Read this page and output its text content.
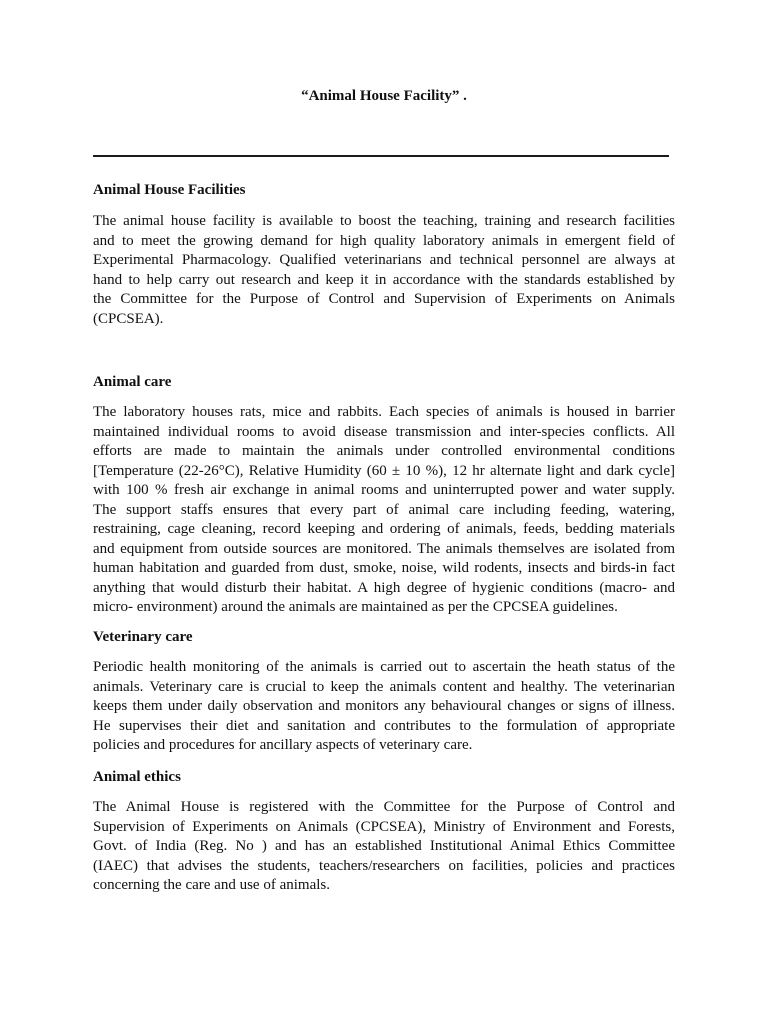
“Animal House Facility” .
Animal House Facilities
The animal house facility is available to boost the teaching, training and research facilities
and to meet the growing demand for high quality laboratory animals in emergent field of
Experimental Pharmacology. Qualified veterinarians and technical personnel are always at
hand to help carry out research and keep it in accordance with the standards established by
the Committee for the Purpose of Control and Supervision of Experiments on Animals
(CPCSEA).
Animal care
The laboratory houses rats, mice and rabbits. Each species of animals is housed in barrier
maintained individual rooms to avoid disease transmission and inter-species conflicts. All
efforts are made to maintain the animals under controlled environmental conditions
[Temperature (22-26°C), Relative Humidity (60 ± 10 %), 12 hr alternate light and dark cycle]
with 100 % fresh air exchange in animal rooms and uninterrupted power and water supply.
The support staffs ensures that every part of animal care including feeding, watering,
restraining, cage cleaning, record keeping and ordering of animals, feeds, bedding materials
and equipment from outside sources are monitored. The animals themselves are isolated from
human habitation and guarded from dust, smoke, noise, wild rodents, insects and birds-in fact
anything that would disturb their habitat. A high degree of hygienic conditions (macro- and
micro- environment) around the animals are maintained as per the CPCSEA guidelines.
Veterinary care
Periodic health monitoring of the animals is carried out to ascertain the heath status of the
animals. Veterinary care is crucial to keep the animals content and healthy. The veterinarian
keeps them under daily observation and monitors any behavioural changes or signs of illness.
He supervises their diet and sanitation and contributes to the formulation of appropriate
policies and procedures for ancillary aspects of veterinary care.
Animal ethics
The Animal House is registered with the Committee for the Purpose of Control and
Supervision of Experiments on Animals (CPCSEA), Ministry of Environment and Forests,
Govt. of India (Reg. No ) and has an established Institutional Animal Ethics Committee
(IAEC) that advises the students, teachers/researchers on facilities, policies and practices
concerning the care and use of animals.
